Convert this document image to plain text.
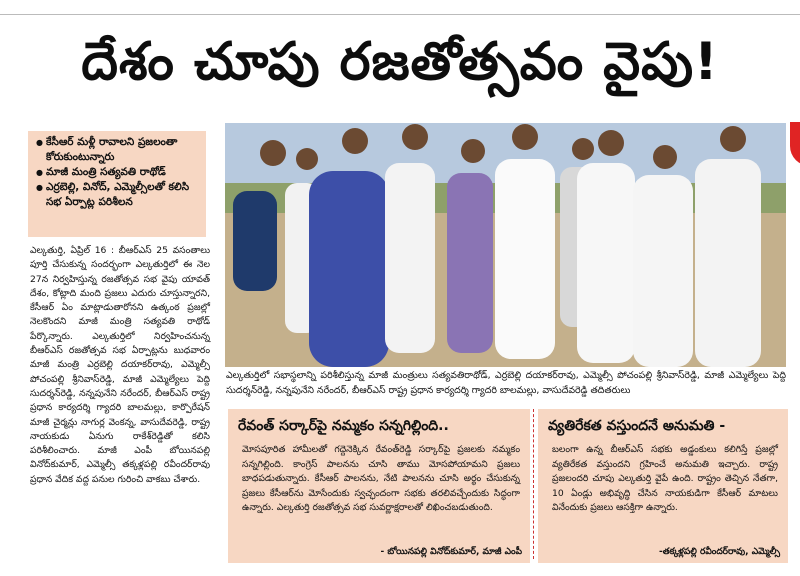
దేశం చూపు రజతోత్సవం వైపు!
● కేసీఆర్‌ మళ్లీ రావాలని ప్రజలంతా కోరుకుంటున్నారు
● మాజీ మంత్రి సత్యవతి రాథోడ్‌
● ఎర్రబెల్లి, వినోద్‌, ఎమ్మెల్సీలతో కలిసి సభ ఏర్పాట్ల పరిశీలన
ఎల్కతుర్తి, ఏప్రిల్‌ 16 : బీఆర్‌ఎస్‌ 25 వసంతాలు పూర్తి చేసుకున్న సందర్భంగా ఎల్కతుర్తిలో ఈ నెల 27న నిర్వహిస్తున్న రజతోత్సవ సభ వైపు యావత్‌ దేశం, కోట్లాది మంది ప్రజలు ఎదురు చూస్తున్నారని, కేసీఆర్‌ ఏం మాట్లాడుతారోనని ఉత్కంఠ ప్రజల్లో నెలకొందని మాజీ మంత్రి సత్యవతి రాథోడ్‌ పేర్కొన్నారు. ఎల్కతుర్తిలో నిర్వహించనున్న బీఆర్‌ఎస్‌ రజతోత్సవ సభ ఏర్పాట్లను బుధవారం మాజీ మంత్రి ఎర్రబెల్లి దయాకర్‌రావు, ఎమ్మెల్సీ పోచంపల్లి శ్రీనివాస్‌రెడ్డి, మాజీ ఎమ్మెల్యేలు పెద్ది సుదర్శన్‌రెడ్డి, నన్నపునేని నరేందర్‌, బీఆర్‌ఎస్‌ రాష్ట్ర ప్రధాన కార్యదర్శి గ్యాదరి బాలమల్లు, కార్పొరేషన్‌ మాజీ చైర్మన్లు నాగుర్ల వెంకన్న, వాసుదేవరెడ్డి, రాష్ట్ర నాయకుడు ఏనుగు రాకేశ్‌రెడ్డితో కలిసి పరిశీలించారు. మాజీ ఎంపీ బోయినపల్లి వినోద్‌కుమార్‌, ఎమ్మెల్సీ తక్కళ్లపల్లి రవీందర్‌రావు ప్రధాన వేదిక వద్ద పనుల గురించి వాకబు చేశారు.
ఎల్కతుర్తిలో సభాస్థలాన్ని పరిశీలిస్తున్న మాజీ మంత్రులు సత్యవతిరాథోడ్‌, ఎర్రబెల్లి దయాకర్‌రావు, ఎమ్మెల్సీ పోచంపల్లి శ్రీనివాస్‌రెడ్డి, మాజీ ఎమ్మెల్యేలు పెద్ది సుదర్శన్‌రెడ్డి, నన్నపునేని నరేందర్‌, బీఆర్‌ఎస్‌ రాష్ట్ర ప్రధాన కార్యదర్శి గ్యాదరి బాలమల్లు, వాసుదేవరెడ్డి తదితరులు
రేవంత్‌ సర్కార్‌పై నమ్మకం సన్నగిల్లింది..
మోసపూరిత హామీలతో గద్దెనెక్కిన రేవంత్‌రెడ్డి సర్కార్‌పై ప్రజలకు నమ్మకం సన్నగిల్లింది. కాంగ్రెస్‌ పాలనను చూసి తాము మోసపోయామని ప్రజలు బాధపడుతున్నారు. కేసీఆర్‌ పాలనను, నేటి పాలనను చూసి అర్థం చేసుకున్న ప్రజలు కేసీఆర్‌ను మోసేందుకు స్వచ్ఛందంగా సభకు తరలివచ్చేందుకు సిద్ధంగా ఉన్నారు. ఎల్కతుర్తి రజతోత్సవ సభ సువర్ణాక్షరాలతో లిఖించబడుతుంది.
- బోయినపల్లి వినోద్‌కుమార్‌, మాజీ ఎంపీ
వ్యతిరేకత వస్తుందనే అనుమతి -
బలంగా ఉన్న బీఆర్‌ఎస్‌ సభకు అడ్డంకులు కలిగిస్తే ప్రజల్లో వ్యతిరేకత వస్తుందని గ్రహించే అనుమతి ఇచ్చారు. రాష్ట్ర ప్రజలందరి చూపు ఎల్కతుర్తి వైపే ఉంది. రాష్ట్రం తెచ్చిన నేతగా, 10 ఏండ్లు అభివృద్ధి చేసిన నాయకుడిగా కేసీఆర్‌ మాటలు వినేందుకు ప్రజలు ఆసక్తిగా ఉన్నారు.
-తక్కళ్లపల్లి రవీందర్‌రావు, ఎమ్మెల్సీ
